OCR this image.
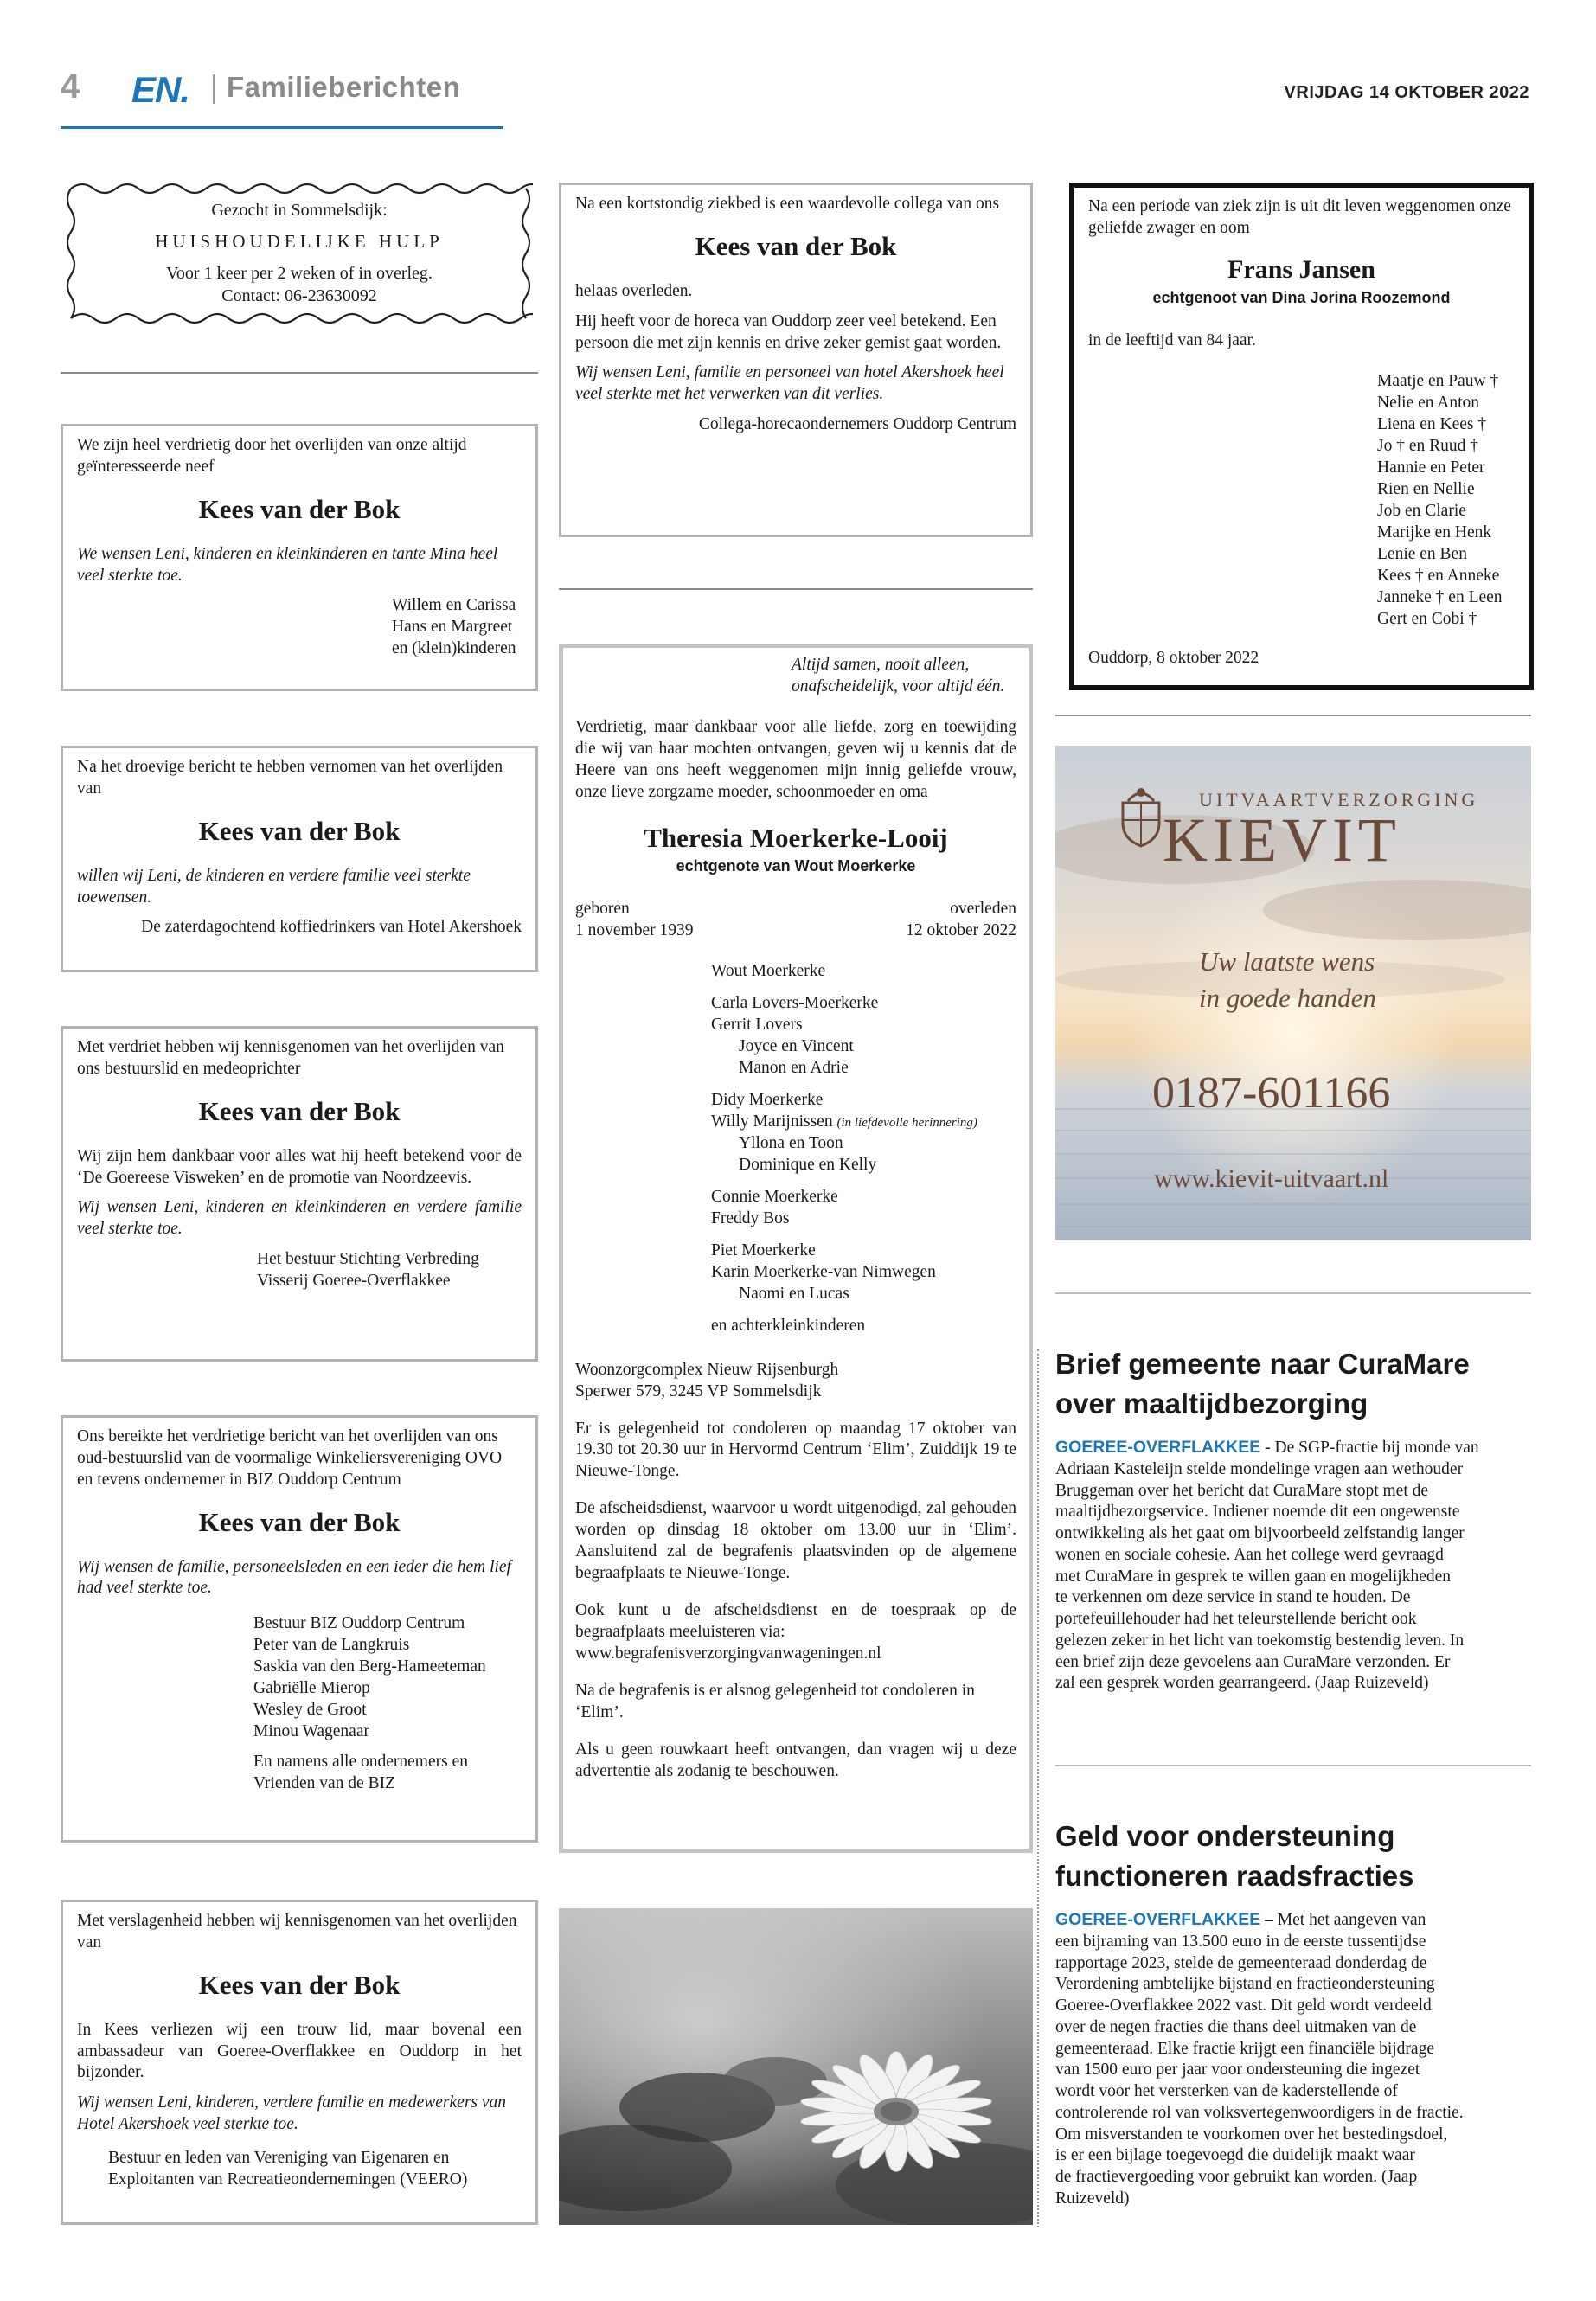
4 EN. Familieberichten	VRIJDAG 14 OKTOBER 2022
Gezocht in Sommelsdijk:
HUISHOUDELIJKE HULP
Voor 1 keer per 2 weken of in overleg.
Contact: 06-23630092

We zijn heel verdrietig door het overlijden van onze altijd geïnteresseerde neef

Kees van der Bok

We wensen Leni, kinderen en kleinkinderen en tante Mina heel veel sterkte toe.

Willem en Carissa
Hans en Margreet
en (klein)kinderen

Na het droevige bericht te hebben vernomen van het overlijden van

Kees van der Bok

willen wij Leni, de kinderen en verdere familie veel sterkte toewensen.

De zaterdagochtend koffiedrinkers van Hotel Akershoek

Met verdriet hebben wij kennisgenomen van het overlijden van ons bestuurslid en medeoprichter

Kees van der Bok

Wij zijn hem dankbaar voor alles wat hij heeft betekend voor de ‘De Goereese Visweken’ en de promotie van Noordzeevis.

Wij wensen Leni, kinderen en kleinkinderen en verdere familie veel sterkte toe.

Het bestuur Stichting Verbreding
Visserij Goeree-Overflakkee

Ons bereikte het verdrietige bericht van het overlijden van ons oud-bestuurslid van de voormalige Winkeliersvereniging OVO en tevens ondernemer in BIZ Ouddorp Centrum

Kees van der Bok

Wij wensen de familie, personeelsleden en een ieder die hem lief had veel sterkte toe.

Bestuur BIZ Ouddorp Centrum
Peter van de Langkruis
Saskia van den Berg-Hameeteman
Gabriëlle Mierop
Wesley de Groot
Minou Wagenaar
En namens alle ondernemers en
Vrienden van de BIZ

Met verslagenheid hebben wij kennisgenomen van het overlijden van

Kees van der Bok

In Kees verliezen wij een trouw lid, maar bovenal een ambassadeur van Goeree-Overflakkee en Ouddorp in het bijzonder.

Wij wensen Leni, kinderen, verdere familie en medewerkers van Hotel Akershoek veel sterkte toe.

Bestuur en leden van Vereniging van Eigenaren en
Exploitanten van Recreatieondernemingen (VEERO)

Na een kortstondig ziekbed is een waardevolle collega van ons

Kees van der Bok

helaas overleden.

Hij heeft voor de horeca van Ouddorp zeer veel betekend. Een persoon die met zijn kennis en drive zeker gemist gaat worden.

Wij wensen Leni, familie en personeel van hotel Akershoek heel veel sterkte met het verwerken van dit verlies.

Collega-horecaondernemers Ouddorp Centrum
Altijd samen, nooit alleen,
onafscheidelijk, voor altijd één.

Verdrietig, maar dankbaar voor alle liefde, zorg en toewijding die wij van haar mochten ontvangen, geven wij u kennis dat de Heere van ons heeft weggenomen mijn innig geliefde vrouw, onze lieve zorgzame moeder, schoonmoeder en oma

Theresia Moerkerke-Looij
echtgenote van Wout Moerkerke
geboren
1 november 1939
overleden
12 oktober 2022
Wout Moerkerke
Carla Lovers-Moerkerke
Gerrit Lovers
Joyce en Vincent
Manon en Adrie
Didy Moerkerke
Willy Marijnissen (in liefdevolle herinnering)
Yllona en Toon
Dominique en Kelly
Connie Moerkerke
Freddy Bos
Piet Moerkerke
Karin Moerkerke-van Nimwegen
Naomi en Lucas
en achterkleinkinderen
Woonzorgcomplex Nieuw Rijsenburgh
Sperwer 579, 3245 VP Sommelsdijk

Er is gelegenheid tot condoleren op maandag 17 oktober van 19.30 tot 20.30 uur in Hervormd Centrum ‘Elim’, Zuiddijk 19 te Nieuwe-Tonge.

De afscheidsdienst, waarvoor u wordt uitgenodigd, zal gehouden worden op dinsdag 18 oktober om 13.00 uur in ‘Elim’. Aansluitend zal de begrafenis plaatsvinden op de algemene begraafplaats te Nieuwe-Tonge.

Ook kunt u de afscheidsdienst en de toespraak op de begraafplaats meeluisteren via:

www.begrafenisverzorgingvanwageningen.nl

Na de begrafenis is er alsnog gelegenheid tot condoleren in ‘Elim’.

Als u geen rouwkaart heeft ontvangen, dan vragen wij u deze advertentie als zodanig te beschouwen.

Na een periode van ziek zijn is uit dit leven weggenomen onze geliefde zwager en oom

Frans Jansen
echtgenoot van Dina Jorina Roozemond

in de leeftijd van 84 jaar.

Maatje en Pauw †
Nelie en Anton
Liena en Kees †
Jo † en Ruud †
Hannie en Peter
Rien en Nellie
Job en Clarie
Marijke en Henk
Lenie en Ben
Kees † en Anneke
Janneke † en Leen
Gert en Cobi †
Ouddorp, 8 oktober 2022
UITVAARTVERZORGING
KIEVIT
Uw laatste wens
in goede handen
0187-601166
www.kievit-uitvaart.nl
Brief gemeente naar CuraMare
over maaltijdbezorging
GOEREE-OVERFLAKKEE - De SGP-fractie bij monde van
Adriaan Kasteleijn stelde mondelinge vragen aan wethouder
Bruggeman over het bericht dat CuraMare stopt met de
maaltijdbezorgservice. Indiener noemde dit een ongewenste
ontwikkeling als het gaat om bijvoorbeeld zelfstandig langer
wonen en sociale cohesie. Aan het college werd gevraagd
met CuraMare in gesprek te willen gaan en mogelijkheden
te verkennen om deze service in stand te houden. De
portefeuillehouder had het teleurstellende bericht ook
gelezen zeker in het licht van toekomstig bestendig leven. In
een brief zijn deze gevoelens aan CuraMare verzonden. Er
zal een gesprek worden gearrangeerd. (Jaap Ruizeveld)
Geld voor ondersteuning
functioneren raadsfracties
GOEREE-OVERFLAKKEE – Met het aangeven van
een bijraming van 13.500 euro in de eerste tussentijdse
rapportage 2023, stelde de gemeenteraad donderdag de
Verordening ambtelijke bijstand en fractieondersteuning
Goeree-Overflakkee 2022 vast. Dit geld wordt verdeeld
over de negen fracties die thans deel uitmaken van de
gemeenteraad. Elke fractie krijgt een financiële bijdrage
van 1500 euro per jaar voor ondersteuning die ingezet
wordt voor het versterken van de kaderstellende of
controlerende rol van volksvertegenwoordigers in de fractie.
Om misverstanden te voorkomen over het bestedingsdoel,
is er een bijlage toegevoegd die duidelijk maakt waar
de fractievergoeding voor gebruikt kan worden. (Jaap
Ruizeveld)
